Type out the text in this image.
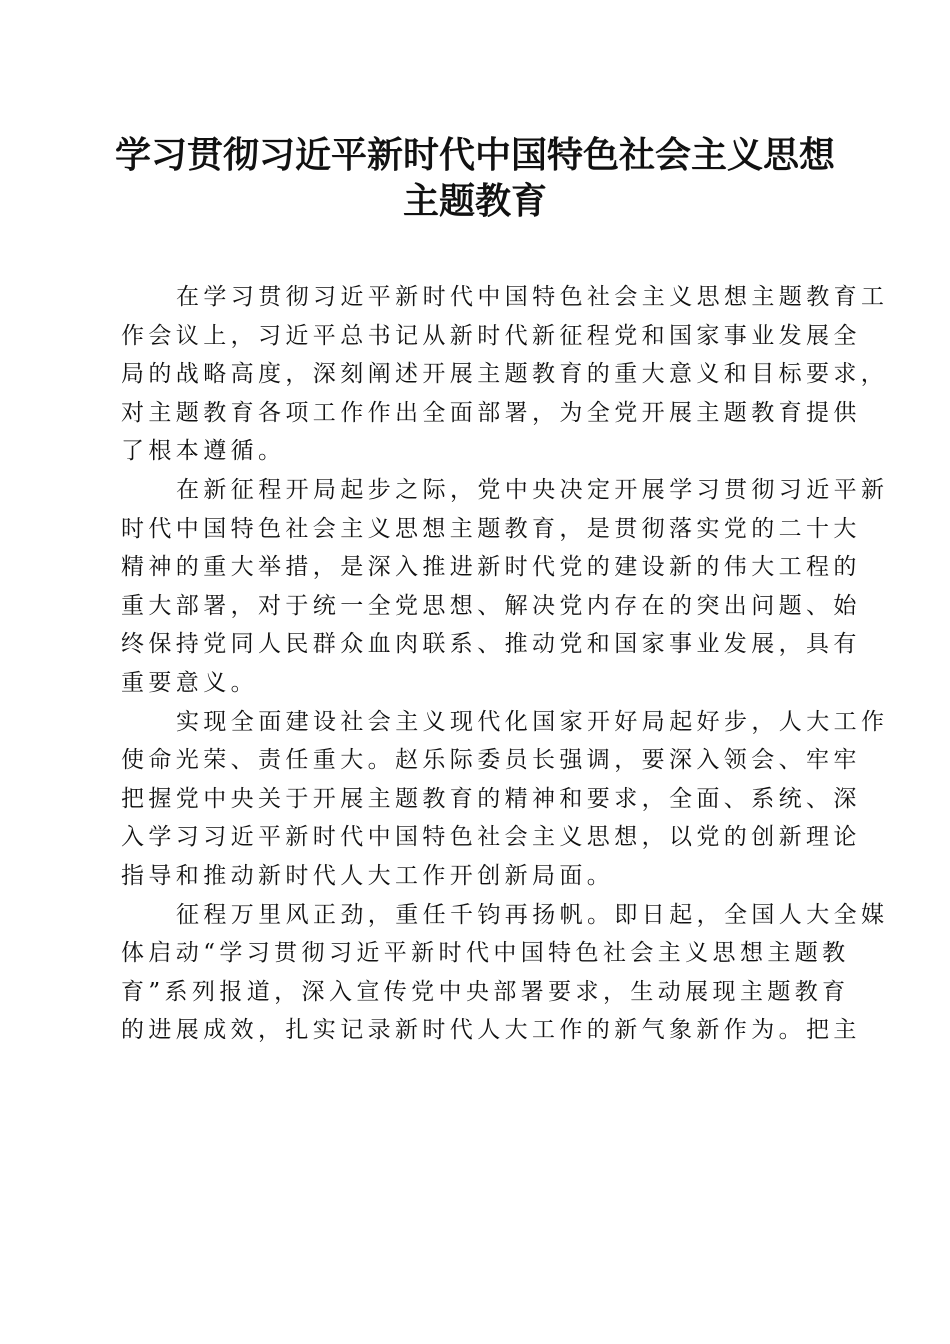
学习贯彻习近平新时代中国特色社会主义思想
主题教育

在学习贯彻习近平新时代中国特色社会主义思想主题教育工
作会议上，习近平总书记从新时代新征程党和国家事业发展全
局的战略高度，深刻阐述开展主题教育的重大意义和目标要求，
对主题教育各项工作作出全面部署，为全党开展主题教育提供
了根本遵循。

在新征程开局起步之际，党中央决定开展学习贯彻习近平新
时代中国特色社会主义思想主题教育，是贯彻落实党的二十大
精神的重大举措，是深入推进新时代党的建设新的伟大工程的
重大部署，对于统一全党思想、解决党内存在的突出问题、始
终保持党同人民群众血肉联系、推动党和国家事业发展，具有
重要意义。

实现全面建设社会主义现代化国家开好局起好步，人大工作
使命光荣、责任重大。赵乐际委员长强调，要深入领会、牢牢
把握党中央关于开展主题教育的精神和要求，全面、系统、深
入学习习近平新时代中国特色社会主义思想，以党的创新理论
指导和推动新时代人大工作开创新局面。

征程万里风正劲，重任千钧再扬帆。即日起，全国人大全媒
体启动“学习贯彻习近平新时代中国特色社会主义思想主题教
育”系列报道，深入宣传党中央部署要求，生动展现主题教育
的进展成效，扎实记录新时代人大工作的新气象新作为。把主
